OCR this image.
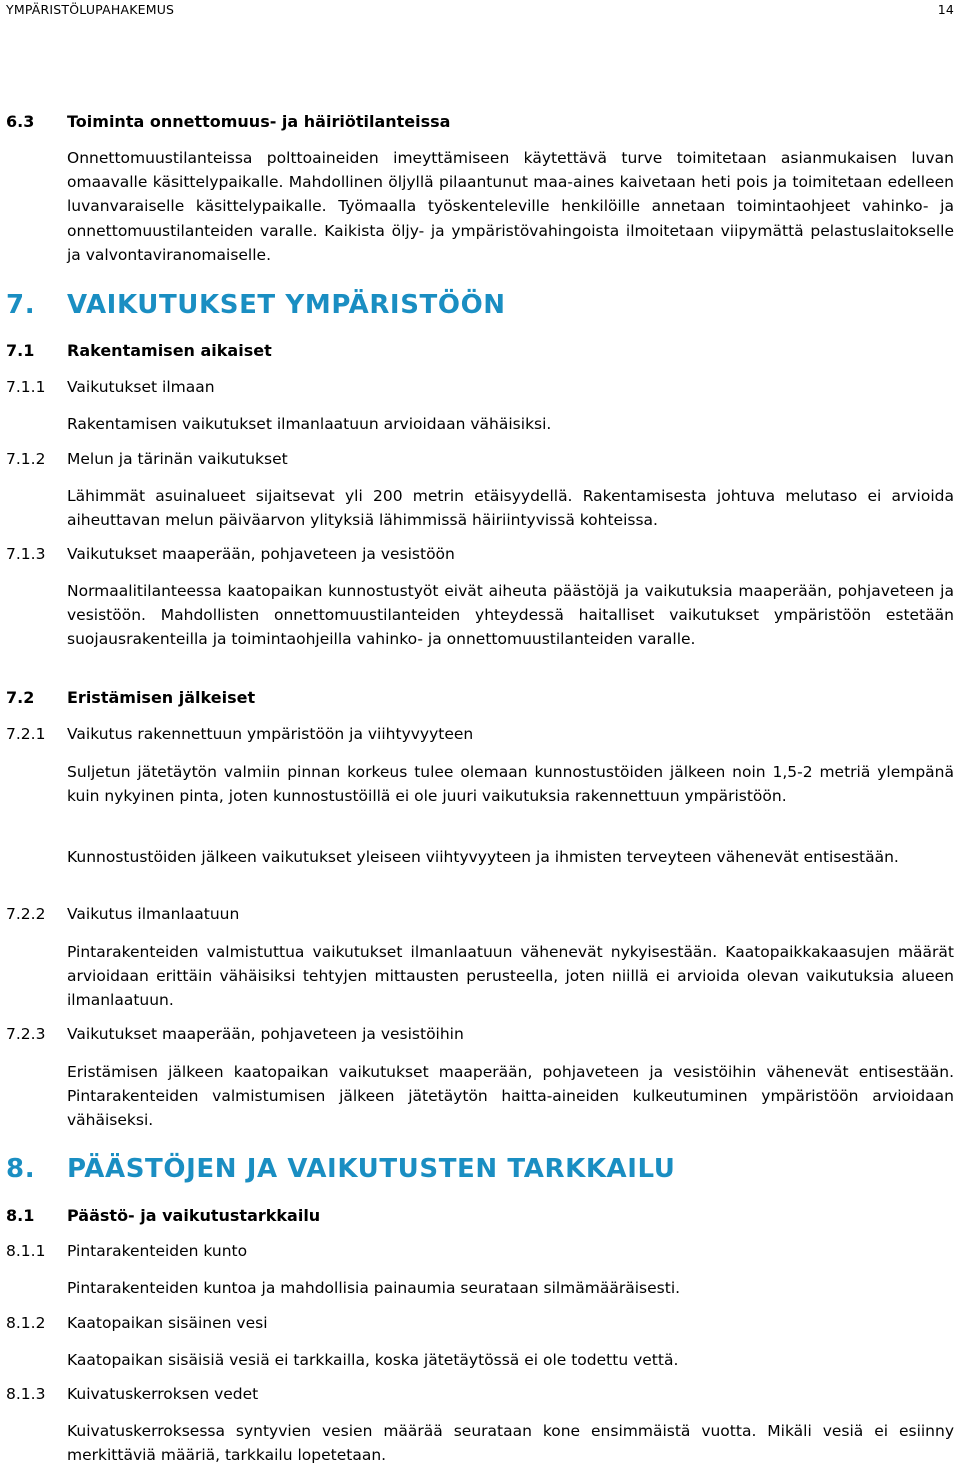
YMPÄRISTÖLUPAHAKEMUS	14
6.3	Toiminta onnettomuus- ja häiriötilanteissa

Onnettomuustilanteissa polttoaineiden imeyttämiseen käytettävä turve toimitetaan asianmukaisen luvan omaavalle käsittelypaikalle. Mahdollinen öljyllä pilaantunut maa-aines kaivetaan heti pois ja toimitetaan edelleen luvanvaraiselle käsittelypaikalle. Työmaalla työskenteleville henkilöille annetaan toimintaohjeet vahinko- ja onnettomuustilanteiden varalle. Kaikista öljy- ja ympäristövahingoista ilmoitetaan viipymättä pelastuslaitokselle ja valvontaviranomaiselle.

7.	VAIKUTUKSET YMPÄRISTÖÖN
7.1	Rakentamisen aikaiset
7.1.1	Vaikutukset ilmaan

Rakentamisen vaikutukset ilmanlaatuun arvioidaan vähäisiksi.

7.1.2	Melun ja tärinän vaikutukset

Lähimmät asuinalueet sijaitsevat yli 200 metrin etäisyydellä. Rakentamisesta johtuva melutaso ei arvioida aiheuttavan melun päiväarvon ylityksiä lähimmissä häiriintyvissä kohteissa.

7.1.3	Vaikutukset maaperään, pohjaveteen ja vesistöön

Normaalitilanteessa kaatopaikan kunnostustyöt eivät aiheuta päästöjä ja vaikutuksia maaperään, pohjaveteen ja vesistöön. Mahdollisten onnettomuustilanteiden yhteydessä haitalliset vaikutukset ympäristöön estetään suojausrakenteilla ja toimintaohjeilla vahinko- ja onnettomuustilanteiden varalle.

7.2	Eristämisen jälkeiset
7.2.1	Vaikutus rakennettuun ympäristöön ja viihtyvyyteen

Suljetun jätetäytön valmiin pinnan korkeus tulee olemaan kunnostustöiden jälkeen noin 1,5-2 metriä ylempänä kuin nykyinen pinta, joten kunnostustöillä ei ole juuri vaikutuksia rakennettuun ympäristöön.

Kunnostustöiden jälkeen vaikutukset yleiseen viihtyvyyteen ja ihmisten terveyteen vähenevät entisestään.

7.2.2	Vaikutus ilmanlaatuun

Pintarakenteiden valmistuttua vaikutukset ilmanlaatuun vähenevät nykyisestään. Kaatopaikkakaasujen määrät arvioidaan erittäin vähäisiksi tehtyjen mittausten perusteella, joten niillä ei arvioida olevan vaikutuksia alueen ilmanlaatuun.

7.2.3	Vaikutukset maaperään, pohjaveteen ja vesistöihin

Eristämisen jälkeen kaatopaikan vaikutukset maaperään, pohjaveteen ja vesistöihin vähenevät entisestään. Pintarakenteiden valmistumisen jälkeen jätetäytön haitta-aineiden kulkeutuminen ympäristöön arvioidaan vähäiseksi.

8.	PÄÄSTÖJEN JA VAIKUTUSTEN TARKKAILU
8.1	Päästö- ja vaikutustarkkailu
8.1.1	Pintarakenteiden kunto

Pintarakenteiden kuntoa ja mahdollisia painaumia seurataan silmämääräisesti.

8.1.2	Kaatopaikan sisäinen vesi

Kaatopaikan sisäisiä vesiä ei tarkkailla, koska jätetäytössä ei ole todettu vettä.

8.1.3	Kuivatuskerroksen vedet

Kuivatuskerroksessa syntyvien vesien määrää seurataan kone ensimmäistä vuotta. Mikäli vesiä ei esiinny merkittäviä määriä, tarkkailu lopetetaan.
